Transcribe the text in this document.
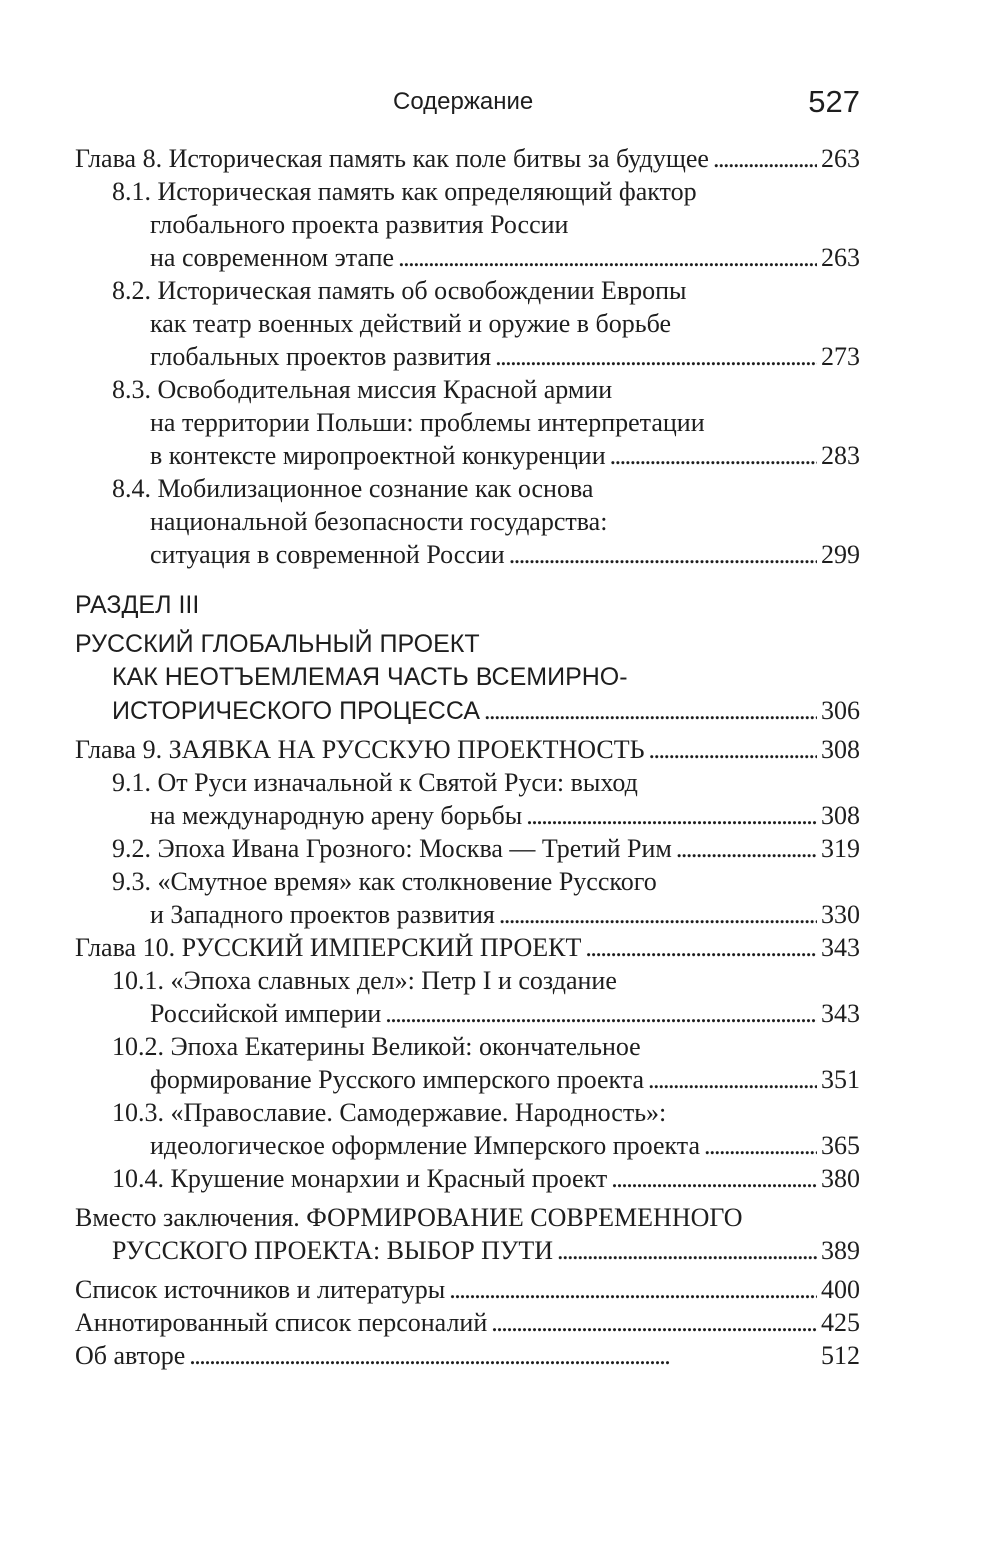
Содержание	527
Глава 8. Историческая память как поле битвы за будущее . . .	263
8.1. Историческая память как определяющий фактор
глобального проекта развития России
на современном этапе . . .	263
8.2. Историческая память об освобождении Европы
как театр военных действий и оружие в борьбе
глобальных проектов развития . . .	273
8.3. Освободительная миссия Красной армии
на территории Польши: проблемы интерпретации
в контексте миропроектной конкуренции . . .	283
8.4. Мобилизационное сознание как основа
национальной безопасности государства:
ситуация в современной России . . .	299
РАЗДЕЛ III
РУССКИЙ ГЛОБАЛЬНЫЙ ПРОЕКТ
КАК НЕОТЪЕМЛЕМАЯ ЧАСТЬ ВСЕМИРНО-
ИСТОРИЧЕСКОГО ПРОЦЕССА . . .	306
Глава 9. ЗАЯВКА НА РУССКУЮ ПРОЕКТНОСТЬ . . .	308
9.1. От Руси изначальной к Святой Руси: выход
на международную арену борьбы . . .	308
9.2. Эпоха Ивана Грозного: Москва — Третий Рим . . .	319
9.3. «Смутное время» как столкновение Русского
и Западного проектов развития . . .	330
Глава 10. РУССКИЙ ИМПЕРСКИЙ ПРОЕКТ . . .	343
10.1. «Эпоха славных дел»: Петр I и создание
Российской империи . . .	343
10.2. Эпоха Екатерины Великой: окончательное
формирование Русского имперского проекта . . .	351
10.3. «Православие. Самодержавие. Народность»:
идеологическое оформление Имперского проекта . . .	365
10.4. Крушение монархии и Красный проект . . .	380
Вместо заключения. ФОРМИРОВАНИЕ СОВРЕМЕННОГО
РУССКОГО ПРОЕКТА: ВЫБОР ПУТИ . . .	389
Список источников и литературы . . .	400
Аннотированный список персоналий . . .	425
Об авторе . . .	512
